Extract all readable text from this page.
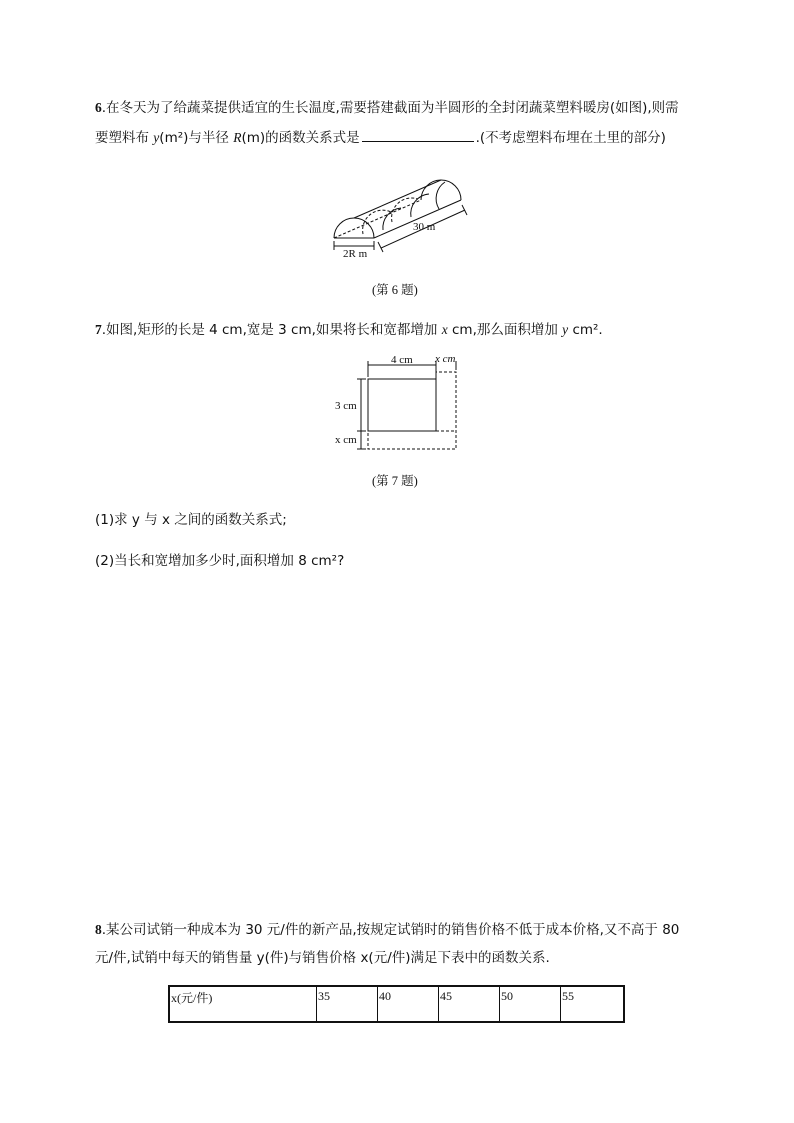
6.在冬天为了给蔬菜提供适宜的生长温度,需要搭建截面为半圆形的全封闭蔬菜塑料暖房(如图),则需
要塑料布 y(m²)与半径 R(m)的函数关系式是	.(不考虑塑料布埋在土里的部分)
30 m
2R m
(第 6 题)
7.如图,矩形的长是 4 cm,宽是 3 cm,如果将长和宽都增加 x cm,那么面积增加 y cm².
4 cm x cm
3 cm
x cm
(第 7 题)
(1)求 y 与 x 之间的函数关系式;
(2)当长和宽增加多少时,面积增加 8 cm²?
8.某公司试销一种成本为 30 元/件的新产品,按规定试销时的销售价格不低于成本价格,又不高于 80
元/件,试销中每天的销售量 y(件)与销售价格 x(元/件)满足下表中的函数关系.
x(元/件)	35	40	45	50	55
